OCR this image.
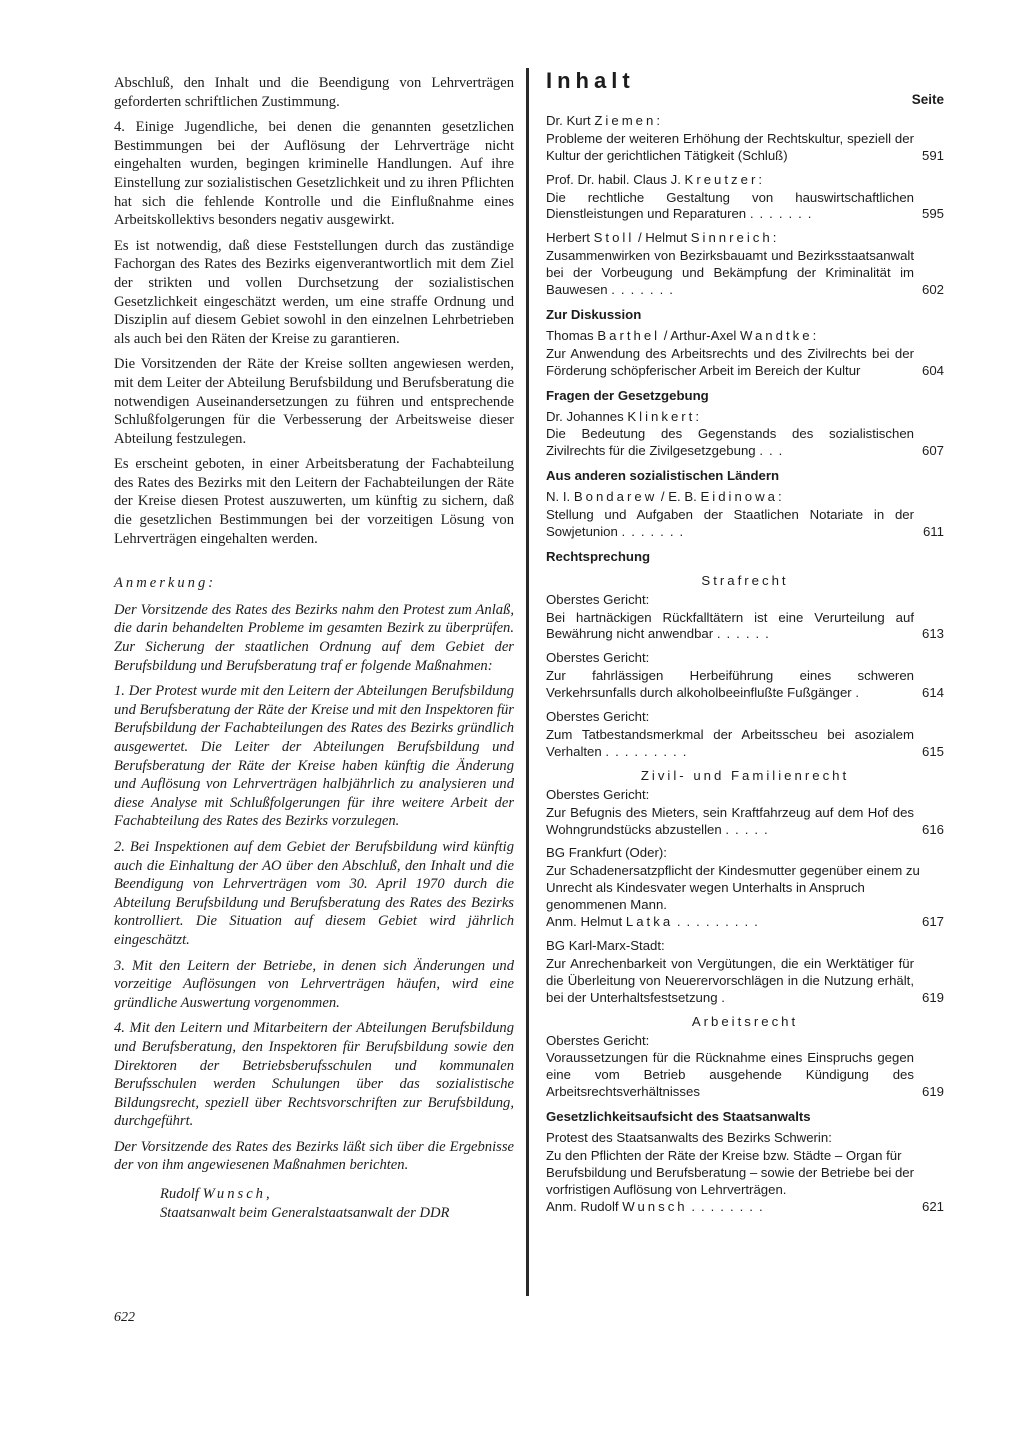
Abschluß, den Inhalt und die Beendigung von Lehrverträgen geforderten schriftlichen Zustimmung.

4. Einige Jugendliche, bei denen die genannten gesetzlichen Bestimmungen bei der Auflösung der Lehrverträge nicht eingehalten wurden, begingen kriminelle Handlungen. Auf ihre Einstellung zur sozialistischen Gesetzlichkeit und zu ihren Pflichten hat sich die fehlende Kontrolle und die Einflußnahme eines Arbeitskollektivs besonders negativ ausgewirkt.

Es ist notwendig, daß diese Feststellungen durch das zuständige Fachorgan des Rates des Bezirks eigenverantwortlich mit dem Ziel der strikten und vollen Durchsetzung der sozialistischen Gesetzlichkeit eingeschätzt werden, um eine straffe Ordnung und Disziplin auf diesem Gebiet sowohl in den einzelnen Lehrbetrieben als auch bei den Räten der Kreise zu garantieren.

Die Vorsitzenden der Räte der Kreise sollten angewiesen werden, mit dem Leiter der Abteilung Berufsbildung und Berufsberatung die notwendigen Auseinandersetzungen zu führen und entsprechende Schlußfolgerungen für die Verbesserung der Arbeitsweise dieser Abteilung festzulegen.

Es erscheint geboten, in einer Arbeitsberatung der Fachabteilung des Rates des Bezirks mit den Leitern der Fachabteilungen der Räte der Kreise diesen Protest auszuwerten, um künftig zu sichern, daß die gesetzlichen Bestimmungen bei der vorzeitigen Lösung von Lehrverträgen eingehalten werden.

Anmerkung:

Der Vorsitzende des Rates des Bezirks nahm den Protest zum Anlaß, die darin behandelten Probleme im gesamten Bezirk zu überprüfen. Zur Sicherung der staatlichen Ordnung auf dem Gebiet der Berufsbildung und Berufsberatung traf er folgende Maßnahmen:

1. Der Protest wurde mit den Leitern der Abteilungen Berufsbildung und Berufsberatung der Räte der Kreise und mit den Inspektoren für Berufsbildung der Fachabteilungen des Rates des Bezirks gründlich ausgewertet. Die Leiter der Abteilungen Berufsbildung und Berufsberatung der Räte der Kreise haben künftig die Änderung und Auflösung von Lehrverträgen halbjährlich zu analysieren und diese Analyse mit Schlußfolgerungen für ihre weitere Arbeit der Fachabteilung des Rates des Bezirks vorzulegen.

2. Bei Inspektionen auf dem Gebiet der Berufsbildung wird künftig auch die Einhaltung der AO über den Abschluß, den Inhalt und die Beendigung von Lehrverträgen vom 30. April 1970 durch die Abteilung Berufsbildung und Berufsberatung des Rates des Bezirks kontrolliert. Die Situation auf diesem Gebiet wird jährlich eingeschätzt.

3. Mit den Leitern der Betriebe, in denen sich Änderungen und vorzeitige Auflösungen von Lehrverträgen häufen, wird eine gründliche Auswertung vorgenommen.

4. Mit den Leitern und Mitarbeitern der Abteilungen Berufsbildung und Berufsberatung, den Inspektoren für Berufsbildung sowie den Direktoren der Betriebsberufsschulen und kommunalen Berufsschulen werden Schulungen über das sozialistische Bildungsrecht, speziell über Rechtsvorschriften zur Berufsbildung, durchgeführt.

Der Vorsitzende des Rates des Bezirks läßt sich über die Ergebnisse der von ihm angewiesenen Maßnahmen berichten.

Rudolf Wunsch,
Staatsanwalt beim Generalstaatsanwalt der DDR
622
Inhalt
Seite
Dr. Kurt Ziemen:
Probleme der weiteren Erhöhung der Rechtskultur, speziell der Kultur der gerichtlichen Tätigkeit (Schluß)	591
Prof. Dr. habil. Claus J. Kreutzer:
Die rechtliche Gestaltung von hauswirtschaftlichen Dienstleistungen und Reparaturen .......	595
Herbert Stoll / Helmut Sinnreich:
Zusammenwirken von Bezirksbauamt und Bezirksstaatsanwalt bei der Vorbeugung und Bekämpfung der Kriminalität im Bauwesen .......	602
Zur Diskussion
Thomas Barthel / Arthur-Axel Wandtke:
Zur Anwendung des Arbeitsrechts und des Zivilrechts bei der Förderung schöpferischer Arbeit im Bereich der Kultur	604
Fragen der Gesetzgebung
Dr. Johannes Klinkert:
Die Bedeutung des Gegenstands des sozialistischen Zivilrechts für die Zivilgesetzgebung ...	607
Aus anderen sozialistischen Ländern
N. I. Bondarew / E. B. Eidinowa:
Stellung und Aufgaben der Staatlichen Notariate in der Sowjetunion .......	611
Rechtsprechung
Strafrecht
Oberstes Gericht:
Bei hartnäckigen Rückfalltätern ist eine Verurteilung auf Bewährung nicht anwendbar ......	613
Oberstes Gericht:
Zur fahrlässigen Herbeiführung eines schweren Verkehrsunfalls durch alkoholbeeinflußte Fußgänger .	614
Oberstes Gericht:
Zum Tatbestandsmerkmal der Arbeitsscheu bei asozialem Verhalten .........	615
Zivil- und Familienrecht
Oberstes Gericht:
Zur Befugnis des Mieters, sein Kraftfahrzeug auf dem Hof des Wohngrundstücks abzustellen .....	616
BG Frankfurt (Oder):
Zur Schadenersatzpflicht der Kindesmutter gegenüber einem zu Unrecht als Kindesvater wegen Unterhalts in Anspruch genommenen Mann.
Anm. Helmut Latka .........	617
BG Karl-Marx-Stadt:
Zur Anrechenbarkeit von Vergütungen, die ein Werktätiger für die Überleitung von Neuerervorschlägen in die Nutzung erhält, bei der Unterhaltsfestsetzung .	619
Arbeitsrecht
Oberstes Gericht:
Voraussetzungen für die Rücknahme eines Einspruchs gegen eine vom Betrieb ausgehende Kündigung des Arbeitsrechtsverhältnisses	619
Gesetzlichkeitsaufsicht des Staatsanwalts
Protest des Staatsanwalts des Bezirks Schwerin:
Zu den Pflichten der Räte der Kreise bzw. Städte – Organ für Berufsbildung und Berufsberatung – sowie der Betriebe bei der vorfristigen Auflösung von Lehrverträgen.
Anm. Rudolf Wunsch ........	621
